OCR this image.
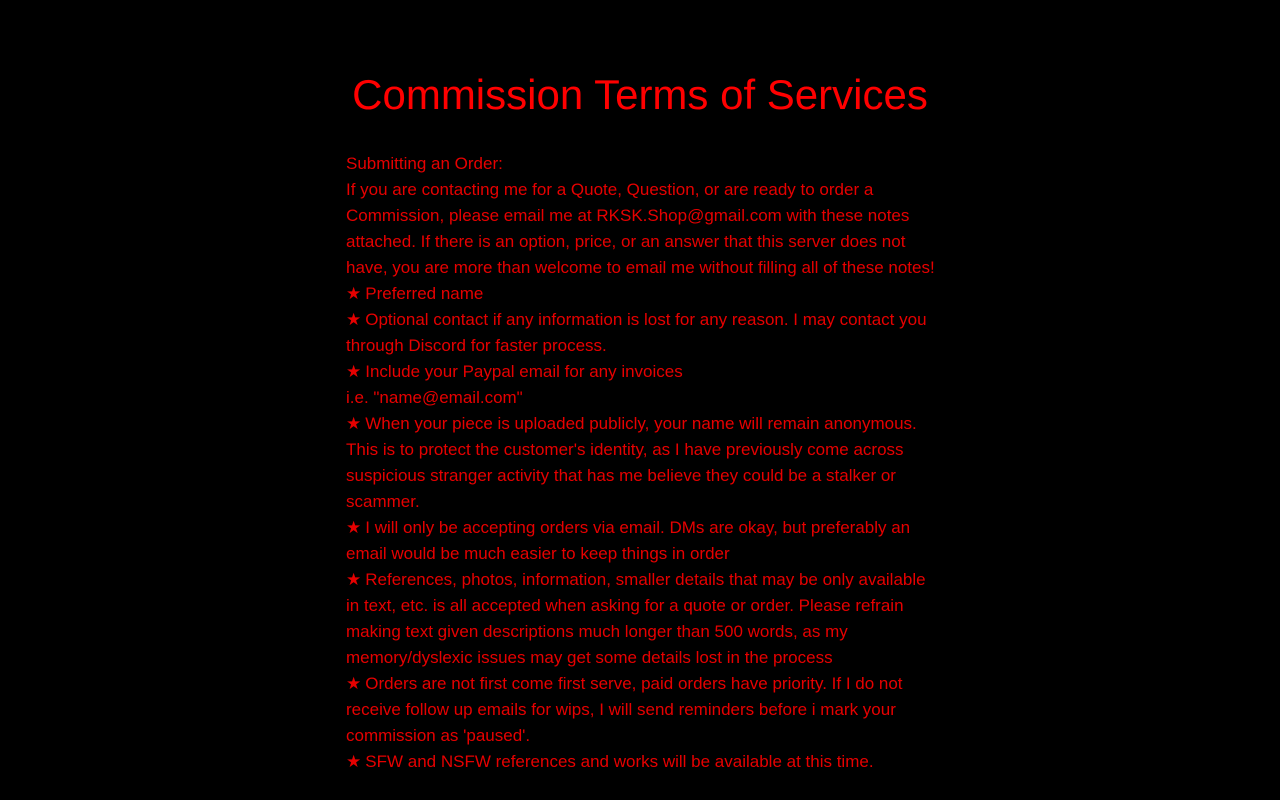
Commission Terms of Services

Submitting an Order:

If you are contacting me for a Quote, Question, or are ready to order a Commission, please email me at RKSK.Shop@gmail.com with these notes attached. If there is an option, price, or an answer that this server does not have, you are more than welcome to email me without filling all of these notes!

★ Preferred name

★ Optional contact if any information is lost for any reason. I may contact you through Discord for faster process.

★ Include your Paypal email for any invoices

i.e. "name@email.com"

★ When your piece is uploaded publicly, your name will remain anonymous. This is to protect the customer's identity, as I have previously come across suspicious stranger activity that has me believe they could be a stalker or scammer.

★ I will only be accepting orders via email. DMs are okay, but preferably an email would be much easier to keep things in order

★ References, photos, information, smaller details that may be only available in text, etc. is all accepted when asking for a quote or order. Please refrain making text given descriptions much longer than 500 words, as my memory/dyslexic issues may get some details lost in the process

★ Orders are not first come first serve, paid orders have priority. If I do not receive follow up emails for wips, I will send reminders before i mark your commission as 'paused'.

★ SFW and NSFW references and works will be available at this time.
